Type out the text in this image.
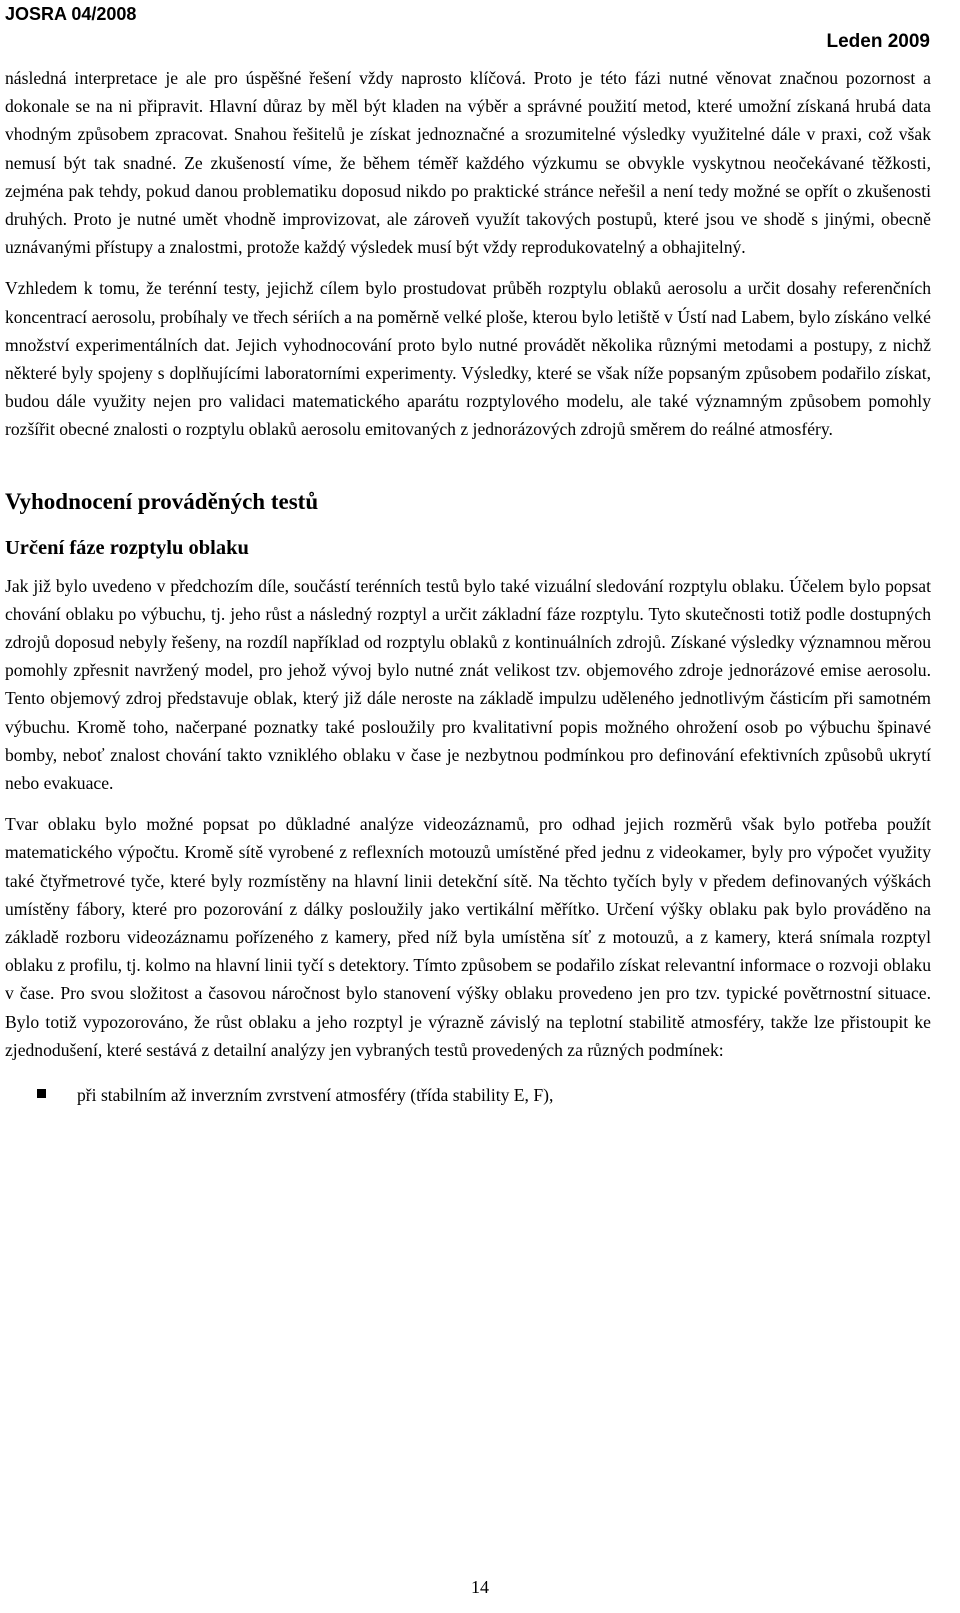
JOSRA 04/2008
Leden 2009

následná interpretace je ale pro úspěšné řešení vždy naprosto klíčová. Proto je této fázi nutné věnovat značnou pozornost a dokonale se na ni připravit. Hlavní důraz by měl být kladen na výběr a správné použití metod, které umožní získaná hrubá data vhodným způsobem zpracovat. Snahou řešitelů je získat jednoznačné a srozumitelné výsledky využitelné dále v praxi, což však nemusí být tak snadné. Ze zkušeností víme, že během téměř každého výzkumu se obvykle vyskytnou neočekávané těžkosti, zejména pak tehdy, pokud danou problematiku doposud nikdo po praktické stránce neřešil a není tedy možné se opřít o zkušenosti druhých. Proto je nutné umět vhodně improvizovat, ale zároveň využít takových postupů, které jsou ve shodě s jinými, obecně uznávanými přístupy a znalostmi, protože každý výsledek musí být vždy reprodukovatelný a obhajitelný.

Vzhledem k tomu, že terénní testy, jejichž cílem bylo prostudovat průběh rozptylu oblaků aerosolu a určit dosahy referenčních koncentrací aerosolu, probíhaly ve třech sériích a na poměrně velké ploše, kterou bylo letiště v Ústí nad Labem, bylo získáno velké množství experimentálních dat. Jejich vyhodnocování proto bylo nutné provádět několika různými metodami a postupy, z nichž některé byly spojeny s doplňujícími laboratorními experimenty. Výsledky, které se však níže popsaným způsobem podařilo získat, budou dále využity nejen pro validaci matematického aparátu rozptylového modelu, ale také významným způsobem pomohly rozšířit obecné znalosti o rozptylu oblaků aerosolu emitovaných z jednorázových zdrojů směrem do reálné atmosféry.

Vyhodnocení prováděných testů
Určení fáze rozptylu oblaku

Jak již bylo uvedeno v předchozím díle, součástí terénních testů bylo také vizuální sledování rozptylu oblaku. Účelem bylo popsat chování oblaku po výbuchu, tj. jeho růst a následný rozptyl a určit základní fáze rozptylu. Tyto skutečnosti totiž podle dostupných zdrojů doposud nebyly řešeny, na rozdíl například od rozptylu oblaků z kontinuálních zdrojů. Získané výsledky významnou měrou pomohly zpřesnit navržený model, pro jehož vývoj bylo nutné znát velikost tzv. objemového zdroje jednorázové emise aerosolu. Tento objemový zdroj představuje oblak, který již dále neroste na základě impulzu uděleného jednotlivým částicím při samotném výbuchu. Kromě toho, načerpané poznatky také posloužily pro kvalitativní popis možného ohrožení osob po výbuchu špinavé bomby, neboť znalost chování takto vzniklého oblaku v čase je nezbytnou podmínkou pro definování efektivních způsobů ukrytí nebo evakuace.

Tvar oblaku bylo možné popsat po důkladné analýze videozáznamů, pro odhad jejich rozměrů však bylo potřeba použít matematického výpočtu. Kromě sítě vyrobené z reflexních motouzů umístěné před jednu z videokamer, byly pro výpočet využity také čtyřmetrové tyče, které byly rozmístěny na hlavní linii detekční sítě. Na těchto tyčích byly v předem definovaných výškách umístěny fábory, které pro pozorování z dálky posloužily jako vertikální měřítko. Určení výšky oblaku pak bylo prováděno na základě rozboru videozáznamu pořízeného z kamery, před níž byla umístěna síť z motouzů, a z kamery, která snímala rozptyl oblaku z profilu, tj. kolmo na hlavní linii tyčí s detektory. Tímto způsobem se podařilo získat relevantní informace o rozvoji oblaku v čase. Pro svou složitost a časovou náročnost bylo stanovení výšky oblaku provedeno jen pro tzv. typické povětrnostní situace. Bylo totiž vypozorováno, že růst oblaku a jeho rozptyl je výrazně závislý na teplotní stabilitě atmosféry, takže lze přistoupit ke zjednodušení, které sestává z detailní analýzy jen vybraných testů provedených za různých podmínek:

při stabilním až inverzním zvrstvení atmosféry (třída stability E, F),
14
